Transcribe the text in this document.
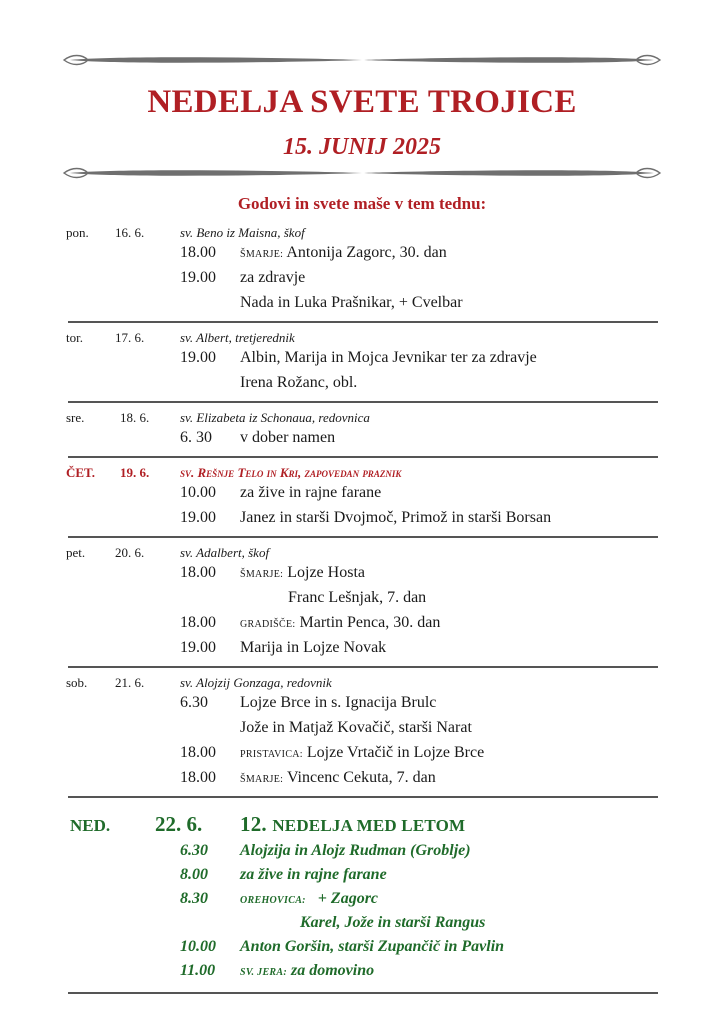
NEDELJA SVETE TROJICE
15. JUNIJ 2025
Godovi in svete maše v tem tednu:
pon. 16. 6.	sv. Beno iz Maisna, škof
18.00 ŠMARJE: Antonija Zagorc, 30. dan
19.00 za zdravje
Nada in Luka Prašnikar, + Cvelbar
tor. 17. 6.	sv. Albert, tretjerednik
19.00 Albin, Marija in Mojca Jevnikar ter za zdravje
Irena Rožanc, obl.
sre.	18. 6. sv. Elizabeta iz Schonaua, redovnica
6. 30 v dober namen
ČET. 19. 6. sv. Rešnje Telo in Kri, zapovedan praznik
10.00 za žive in rajne farane
19.00 Janez in starši Dvojmoč, Primož in starši Borsan
pet. 20. 6.	sv. Adalbert, škof
18.00 ŠMARJE: Lojze Hosta
Franc Lešnjak, 7. dan
18.00 GRADIŠČE: Martin Penca, 30. dan
19.00 Marija in Lojze Novak
sob. 21. 6.	sv. Alojzij Gonzaga, redovnik
6.30 Lojze Brce in s. Ignacija Brulc
Jože in Matjaž Kovačič, starši Narat
18.00 PRISTAVICA: Lojze Vrtačič in Lojze Brce
18.00 ŠMARJE: Vincenc Cekuta, 7. dan
NED. 22. 6. 12. NEDELJA MED LETOM
6.30 Alojzija in Alojz Rudman (Groblje)
8.00 za žive in rajne farane
8.30	OREHOVICA: + Zagorc
Karel, Jože in starši Rangus
10.00 Anton Goršin, starši Zupančič in Pavlin
11.00 SV. JERA: za domovino
